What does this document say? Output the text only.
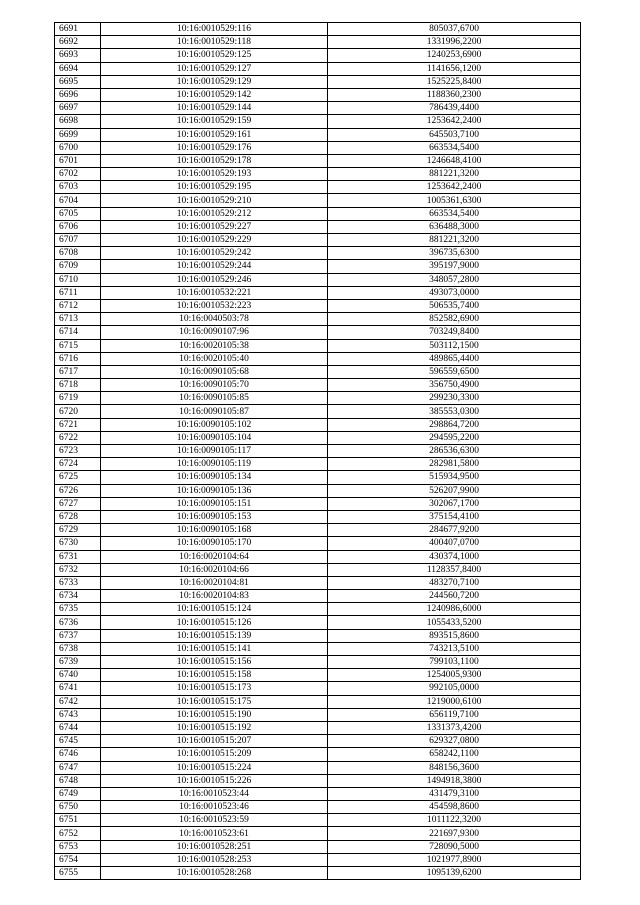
6691	10:16:0010529:116	805037,6700
6692	10:16:0010529:118	1331996,2200
6693	10:16:0010529:125	1240253,6900
6694	10:16:0010529:127	1141656,1200
6695	10:16:0010529:129	1525225,8400
6696	10:16:0010529:142	1188360,2300
6697	10:16:0010529:144	786439,4400
6698	10:16:0010529:159	1253642,2400
6699	10:16:0010529:161	645503,7100
6700	10:16:0010529:176	663534,5400
6701	10:16:0010529:178	1246648,4100
6702	10:16:0010529:193	881221,3200
6703	10:16:0010529:195	1253642,2400
6704	10:16:0010529:210	1005361,6300
6705	10:16:0010529:212	663534,5400
6706	10:16:0010529:227	636488,3000
6707	10:16:0010529:229	881221,3200
6708	10:16:0010529:242	396735,6300
6709	10:16:0010529:244	395197,9000
6710	10:16:0010529:246	348057,2800
6711	10:16:0010532:221	493073,0000
6712	10:16:0010532:223	506535,7400
6713	10:16:0040503:78	852582,6900
6714	10:16:0090107:96	703249,8400
6715	10:16:0020105:38	503112,1500
6716	10:16:0020105:40	489865,4400
6717	10:16:0090105:68	596559,6500
6718	10:16:0090105:70	356750,4900
6719	10:16:0090105:85	299230,3300
6720	10:16:0090105:87	385553,0300
6721	10:16:0090105:102	298864,7200
6722	10:16:0090105:104	294595,2200
6723	10:16:0090105:117	286536,6300
6724	10:16:0090105:119	282981,5800
6725	10:16:0090105:134	515934,9500
6726	10:16:0090105:136	526207,9900
6727	10:16:0090105:151	302067,1700
6728	10:16:0090105:153	375154,4100
6729	10:16:0090105:168	284677,9200
6730	10:16:0090105:170	400407,0700
6731	10:16:0020104:64	430374,1000
6732	10:16:0020104:66	1128357,8400
6733	10:16:0020104:81	483270,7100
6734	10:16:0020104:83	244560,7200
6735	10:16:0010515:124	1240986,6000
6736	10:16:0010515:126	1055433,5200
6737	10:16:0010515:139	893515,8600
6738	10:16:0010515:141	743213,5100
6739	10:16:0010515:156	799103,1100
6740	10:16:0010515:158	1254005,9300
6741	10:16:0010515:173	992105,0000
6742	10:16:0010515:175	1219000,6100
6743	10:16:0010515:190	656119,7100
6744	10:16:0010515:192	1331373,4200
6745	10:16:0010515:207	629327,0800
6746	10:16:0010515:209	658242,1100
6747	10:16:0010515:224	848156,3600
6748	10:16:0010515:226	1494918,3800
6749	10:16:0010523:44	431479,3100
6750	10:16:0010523:46	454598,8600
6751	10:16:0010523:59	1011122,3200
6752	10:16:0010523:61	221697,9300
6753	10:16:0010528:251	728090,5000
6754	10:16:0010528:253	1021977,8900
6755	10:16:0010528:268	1095139,6200
